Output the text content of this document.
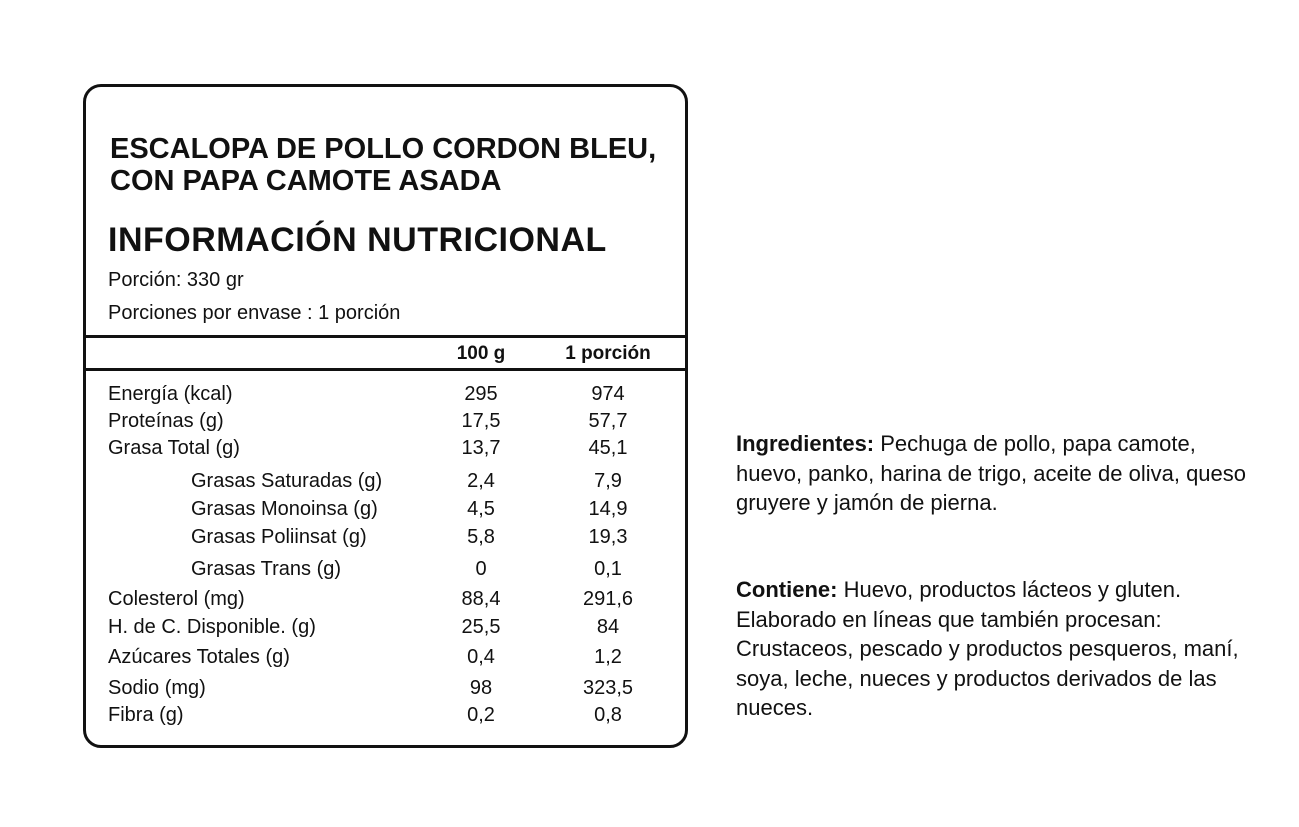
ESCALOPA DE POLLO CORDON BLEU, CON PAPA CAMOTE ASADA
INFORMACIÓN NUTRICIONAL
Porción: 330 gr
Porciones por envase : 1 porción
100 g	1 porción
Energía (kcal)	295	974
Proteínas (g)	17,5	57,7
Grasa Total (g)	13,7	45,1
Grasas Saturadas (g)	2,4	7,9
Grasas Monoinsa (g)	4,5	14,9
Grasas Poliinsat (g)	5,8	19,3
Grasas Trans (g)	0	0,1
Colesterol (mg)	88,4	291,6
H. de C. Disponible. (g)	25,5	84
Azúcares Totales (g)	0,4	1,2
Sodio (mg)	98	323,5
Fibra (g)	0,2	0,8

Ingredientes: Pechuga de pollo, papa camote, huevo, panko, harina de trigo, aceite de oliva, queso gruyere y jamón de pierna.

Contiene: Huevo, productos lácteos y gluten. Elaborado en líneas que también procesan: Crustaceos, pescado y productos pesqueros, maní, soya, leche, nueces y productos derivados de las nueces.
